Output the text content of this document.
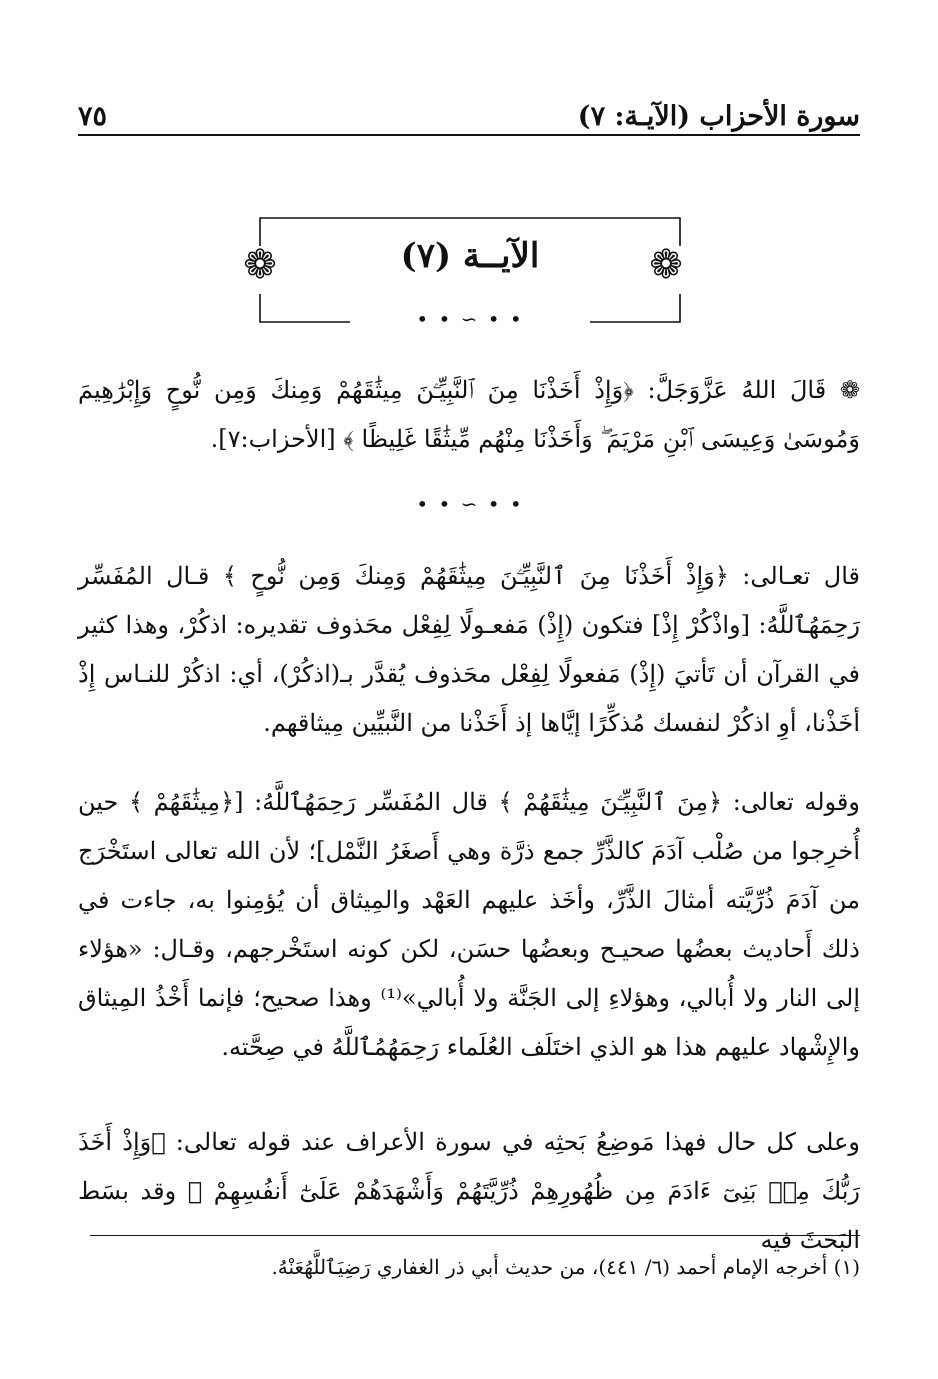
سورة الأحزاب (الآيـة: ٧)
٧٥
❁
❁	الآيــة (٧)
• • ∽ • •
❁ قَالَ اللهُ عَزَّوَجَلَّ: ﴿وَإِذْ أَخَذْنَا مِنَ ٱلنَّبِيِّـۧنَ مِيثَٰقَهُمْ وَمِنكَ وَمِن نُّوحٍ وَإِبْرَٰهِيمَ وَمُوسَىٰ وَعِيسَى ٱبْنِ مَرْيَمَ ۖ وَأَخَذْنَا مِنْهُم مِّيثَٰقًا غَلِيظًا ﴾ [الأحزاب:٧].
• • ∽ • •
قال تعـالى: ﴿وَإِذْ أَخَذْنَا مِنَ ٱلنَّبِيِّـۧنَ مِيثَٰقَهُمْ وَمِنكَ وَمِن نُّوحٍ ﴾ قـال المُفَسِّر رَحِمَهُٱللَّهُ: [واذْكُرْ إِذْ] فتكون (إِذْ) مَفعـولًا لِفِعْل محَذوف تقديره: اذكُرْ، وهذا كثير في القرآن أن تَأتيَ (إِذْ) مَفعولًا لِفِعْل محَذوف يُقدَّر بـ(اذكُرْ)، أي: اذكُرْ للنـاس إِذْ أخَذْنا، أوِ اذكُرْ لنفسك مُذكِّرًا إيَّاها إذ أَخَذْنا من النَّبيِّين مِيثاقهم.
وقوله تعالى: ﴿مِنَ ٱلنَّبِيِّـۧنَ مِيثَٰقَهُمْ ﴾ قال المُفَسِّر رَحِمَهُٱللَّهُ: [﴿مِيثَٰقَهُمْ ﴾ حين أُخرِجوا من صُلْب آدَمَ كالذَّرِّ جمع ذرَّة وهي أَصغَرُ النَّمْل]؛ لأن الله تعالى استَخْرَج من آدَمَ ذُرِّيَّته أمثالَ الذَّرِّ، وأخَذ عليهم العَهْد والمِيثاق أن يُؤمِنوا به، جاءت في ذلك أَحاديث بعضُها صحيـح وبعضُها حسَن، لكن كونه استَخْرجهم، وقـال: «هؤلاء إلى النار ولا أُبالي، وهؤلاءِ إلى الجَنَّة ولا أُبالي»⁽¹⁾ وهذا صحيح؛ فإنما أَخْذُ المِيثاق والإِشْهاد عليهم هذا هو الذي اختَلَف العُلَماء رَحِمَهُمُٱللَّهُ في صِحَّته.
وعلى كل حال فهذا مَوضِعُ بَحثِه في سورة الأعراف عند قوله تعالى: ﴿وَإِذْ أَخَذَ رَبُّكَ مِنۢ بَنِىٓ ءَادَمَ مِن ظُهُورِهِمْ ذُرِّيَّتَهُمْ وَأَشْهَدَهُمْ عَلَىٰٓ أَنفُسِهِمْ ﴾ وقد بسَط البَحثَ فيه
(١) أخرجه الإمام أحمد (٦/ ٤٤١)، من حديث أبي ذر الغفاري رَضِيَٱللَّهُعَنْهُ.
